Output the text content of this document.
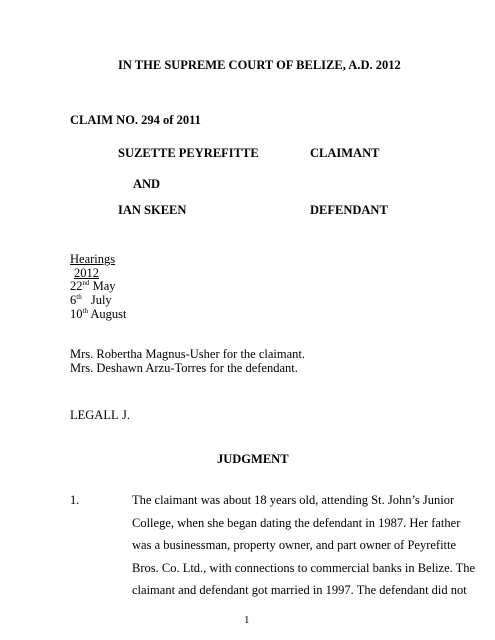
IN THE SUPREME COURT OF BELIZE, A.D. 2012
CLAIM NO. 294 of 2011
SUZETTE PEYREFITTE	CLAIMANT
AND
IAN SKEEN	DEFENDANT
Hearings
2012
22nd May
6th July
10th August
Mrs. Robertha Magnus-Usher for the claimant.
Mrs. Deshawn Arzu-Torres for the defendant.
LEGALL J.
JUDGMENT
1.	The claimant was about 18 years old, attending St. John’s Junior
College, when she began dating the defendant in 1987. Her father
was a businessman, property owner, and part owner of Peyrefitte
Bros. Co. Ltd., with connections to commercial banks in Belize. The
claimant and defendant got married in 1997. The defendant did not
1
